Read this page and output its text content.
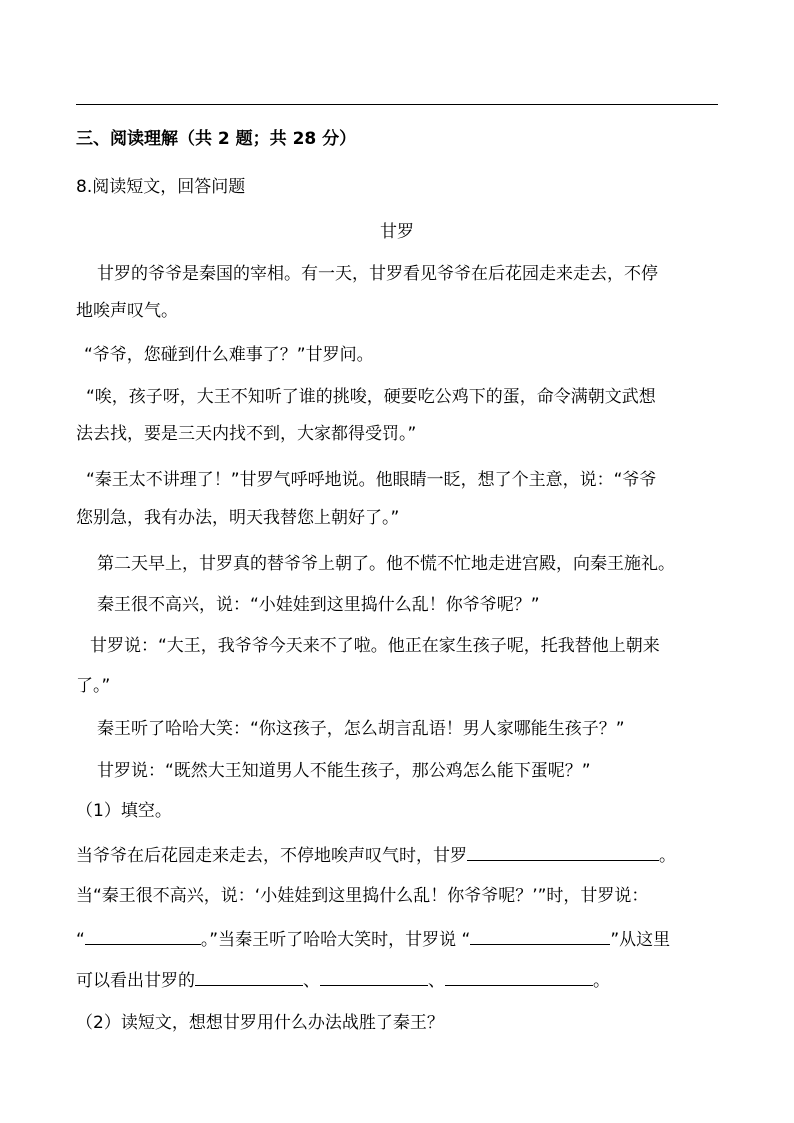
三、阅读理解（共 2 题；共 28 分）
8.阅读短文，回答问题
甘罗
甘罗的爷爷是秦国的宰相。有一天，甘罗看见爷爷在后花园走来走去，不停
地唉声叹气。
“爷爷，您碰到什么难事了？”甘罗问。
“唉，孩子呀，大王不知听了谁的挑唆，硬要吃公鸡下的蛋，命令满朝文武想
法去找，要是三天内找不到，大家都得受罚。”
“秦王太不讲理了！”甘罗气呼呼地说。他眼睛一眨，想了个主意，说：“爷爷
您别急，我有办法，明天我替您上朝好了。”
第二天早上，甘罗真的替爷爷上朝了。他不慌不忙地走进宫殿，向秦王施礼。
秦王很不高兴，说：“小娃娃到这里捣什么乱！你爷爷呢？”
甘罗说：“大王，我爷爷今天来不了啦。他正在家生孩子呢，托我替他上朝来
了。”
秦王听了哈哈大笑：“你这孩子，怎么胡言乱语！男人家哪能生孩子？”
甘罗说：“既然大王知道男人不能生孩子，那公鸡怎么能下蛋呢？”
（1）填空。
当爷爷在后花园走来走去，不停地唉声叹气时，甘罗	。
当“秦王很不高兴，说：‘小娃娃到这里捣什么乱！你爷爷呢？’”时，甘罗说：
“	。”当秦王听了哈哈大笑时，甘罗说 “	”从这里
可以看出甘罗的	、	、	。
（2）读短文，想想甘罗用什么办法战胜了秦王？
